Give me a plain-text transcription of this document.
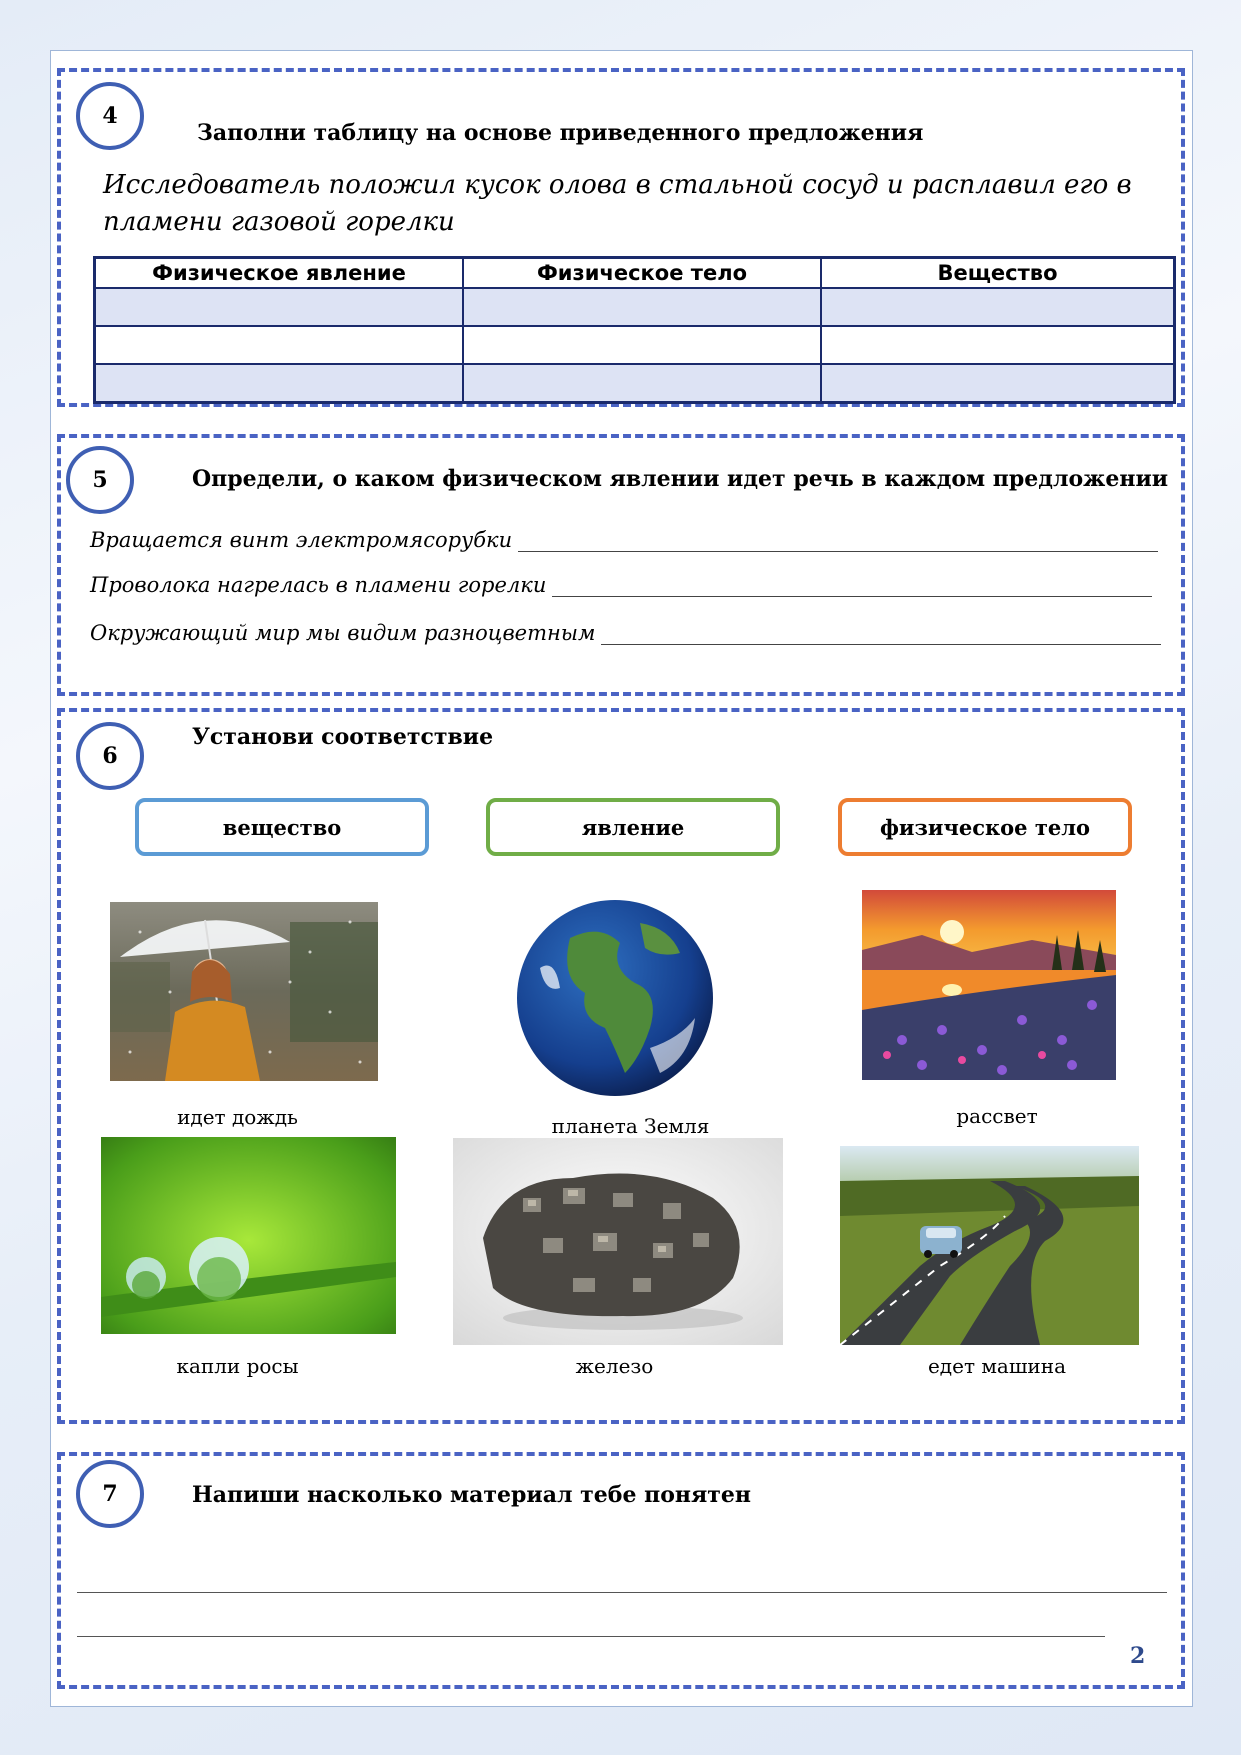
4
Заполни таблицу на основе приведенного предложения
Исследователь положил кусок олова в стальной сосуд и расплавил его в пламени газовой горелки
Физическое явление	Физическое тело	Вещество

5	Определи, о каком физическом явлении идет речь в каждом предложении
Вращается винт электромясорубки
Проволока нагрелась в пламени горелки
Окружающий мир мы видим разноцветным
6
Установи соответствие
вещество	явление	физическое тело
идет дождь	планета Земля	рассвет
капли росы	железо	едет машина
7	Напиши насколько материал тебе понятен
2
